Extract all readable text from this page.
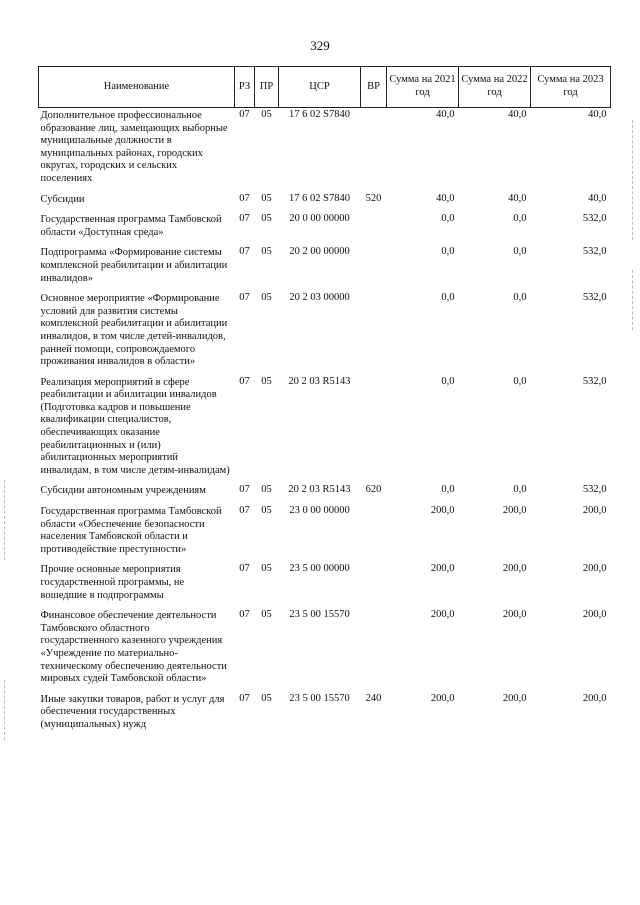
329
Наименование	РЗ	ПР	ЦСР	ВР	Сумма на 2021 год	Сумма на 2022 год	Сумма на 2023 год
Дополнительное профессиональное образование лиц, замещающих выборные муниципальные должности в муниципальных районах, городских округах, городских и сельских поселениях	07	05	17 6 02 S7840		40,0	40,0	40,0
Субсидии	07	05	17 6 02 S7840	520	40,0	40,0	40,0
Государственная программа Тамбовской области «Доступная среда»	07	05	20 0 00 00000		0,0	0,0	532,0
Подпрограмма «Формирование системы комплексной реабилитации и абилитации инвалидов»	07	05	20 2 00 00000		0,0	0,0	532,0
Основное мероприятие «Формирование условий для развития системы комплексной реабилитации и абилитации инвалидов, в том числе детей-инвалидов, ранней помощи, сопровождаемого проживания инвалидов в области»	07	05	20 2 03 00000		0,0	0,0	532,0
Реализация мероприятий в сфере реабилитации и абилитации инвалидов (Подготовка кадров и повышение квалификации специалистов, обеспечивающих оказание реабилитационных и (или) абилитационных мероприятий инвалидам, в том числе детям-инвалидам)	07	05	20 2 03 R5143		0,0	0,0	532,0
Субсидии автономным учреждениям	07	05	20 2 03 R5143	620	0,0	0,0	532,0
Государственная программа Тамбовской области «Обеспечение безопасности населения Тамбовской области и противодействие преступности»	07	05	23 0 00 00000		200,0	200,0	200,0
Прочие основные мероприятия государственной программы, не вошедшие в подпрограммы	07	05	23 5 00 00000		200,0	200,0	200,0
Финансовое обеспечение деятельности Тамбовского областного государственного казенного учреждения «Учреждение по материально-техническому обеспечению деятельности мировых судей Тамбовской области»	07	05	23 5 00 15570		200,0	200,0	200,0
Иные закупки товаров, работ и услуг для обеспечения государственных (муниципальных) нужд	07	05	23 5 00 15570	240	200,0	200,0	200,0
